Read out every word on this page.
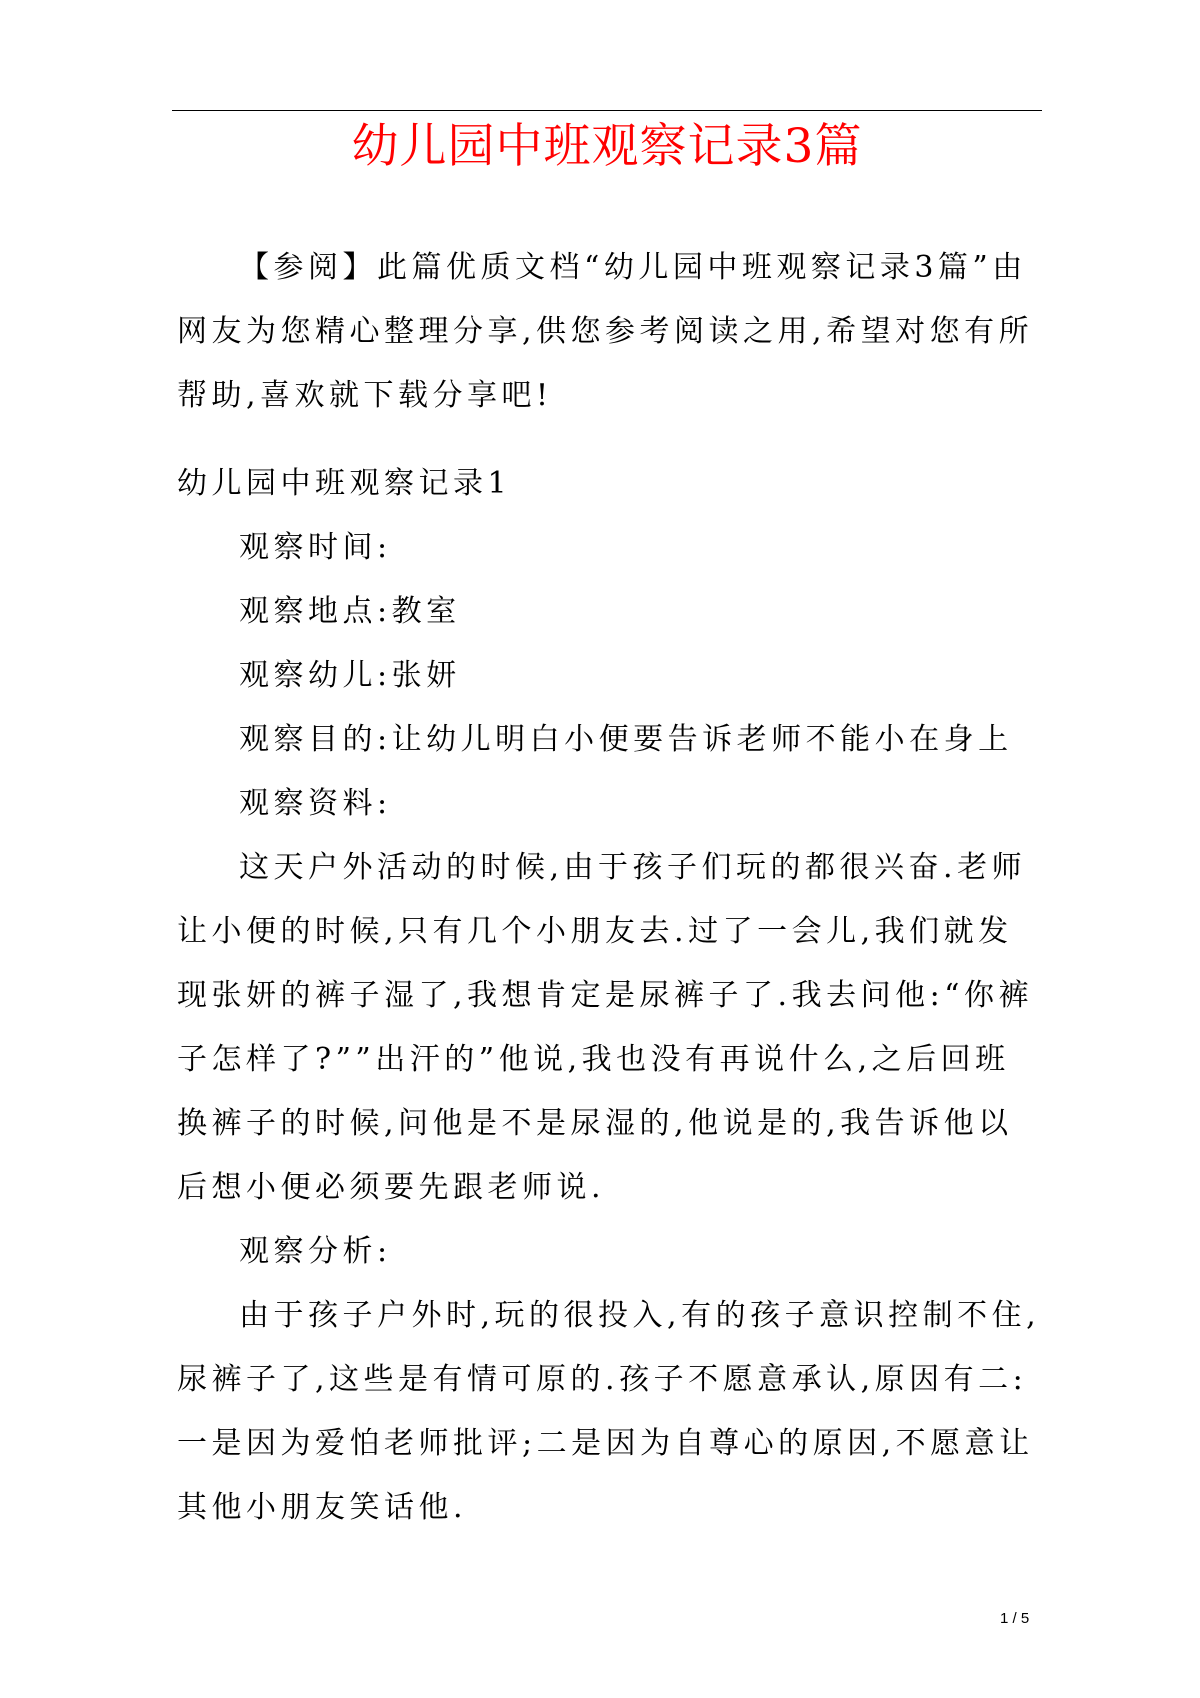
幼儿园中班观察记录3篇

【参阅】此篇优质文档“幼儿园中班观察记录3篇”由网友为您精心整理分享,供您参考阅读之用,希望对您有所帮助,喜欢就下载分享吧!

幼儿园中班观察记录1
观察时间:
观察地点:教室
观察幼儿:张妍
观察目的:让幼儿明白小便要告诉老师不能小在身上
观察资料:

这天户外活动的时候,由于孩子们玩的都很兴奋.老师让小便的时候,只有几个小朋友去.过了一会儿,我们就发现张妍的裤子湿了,我想肯定是尿裤子了.我去问他:“你裤子怎样了?””出汗的”他说,我也没有再说什么,之后回班换裤子的时候,问他是不是尿湿的,他说是的,我告诉他以后想小便必须要先跟老师说.

观察分析:

由于孩子户外时,玩的很投入,有的孩子意识控制不住,尿裤子了,这些是有情可原的.孩子不愿意承认,原因有二:一是因为爱怕老师批评;二是因为自尊心的原因,不愿意让其他小朋友笑话他.

1 / 5
